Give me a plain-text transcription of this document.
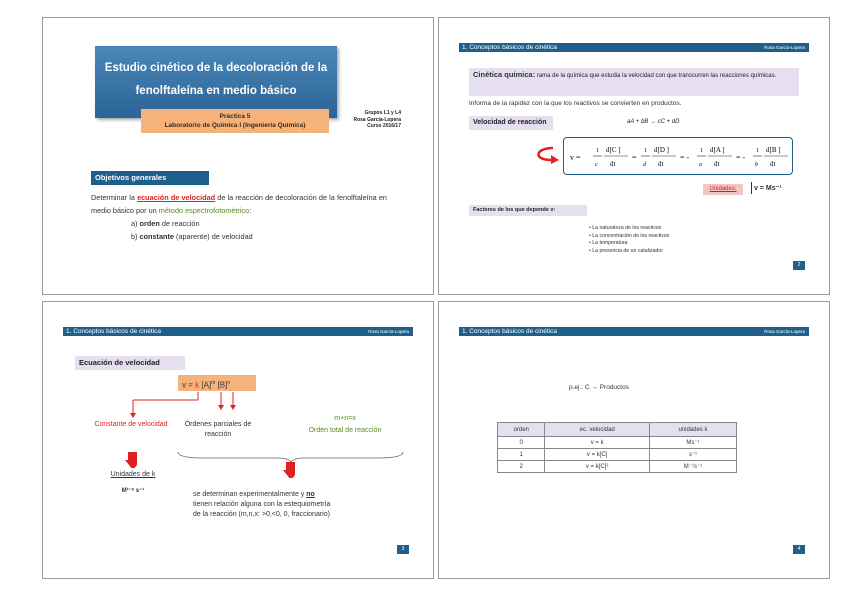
Estudio cinético de la decoloración de la
fenolftaleína en medio básico
Práctica 5
Laboratorio de Química I (Ingeniería Química)
Grupos L1 y L4
Rosa García-Lopera
Curso 2016/17
Objetivos generales
Determinar la ecuación de velocidad de la reacción de decoloración de la fenolftaleína en medio básico por un método espectrofotométrico:
a) orden de reacción
b) constante (aparente) de velocidad
1. Conceptos básicos de cinética	Rosa García-Lopera
Cinética química: rama de la química que estudia la velocidad con que transcurren las reacciones químicas.
Informa de la rapidez con la que los reactivos se convierten en productos.
Velocidad de reacción	aA + bB → cC + dD
v =
1
c
d[C ]
dt
=
1
d
d[D ]
dt
= -
1
a
d[A ]
dt
= -
1
b
d[B ]
dt
Unidades:	v = Ms⁻¹
Factores de los que depende v:
• La naturaleza de los reactivos
• La concentración de los reactivos
• La temperatura
• La presencia de un catalizador
2
1. Conceptos básicos de cinética	Rosa García-Lopera
Ecuación de velocidad
v = k $[A]^m$ $[B]^n$
Constante de velocidad	Órdenes parciales de reacción
m+n=x
Orden total de reacción
Unidades de k
M¹⁻ˣ s⁻¹	se determinan experimentalmente y no
tienen relación alguna con la estequiometría
de la reacción (m,n,x: >0,<0, 0, fraccionario)
3
1. Conceptos básicos de cinética	Rosa García-Lopera
p.ej.: C → Productos
orden	ec. velocidad	unidades k
0	v = k	Ms⁻¹
1	v = k[C]	s⁻¹
2	v = k[C]²	M⁻¹s⁻¹
4
